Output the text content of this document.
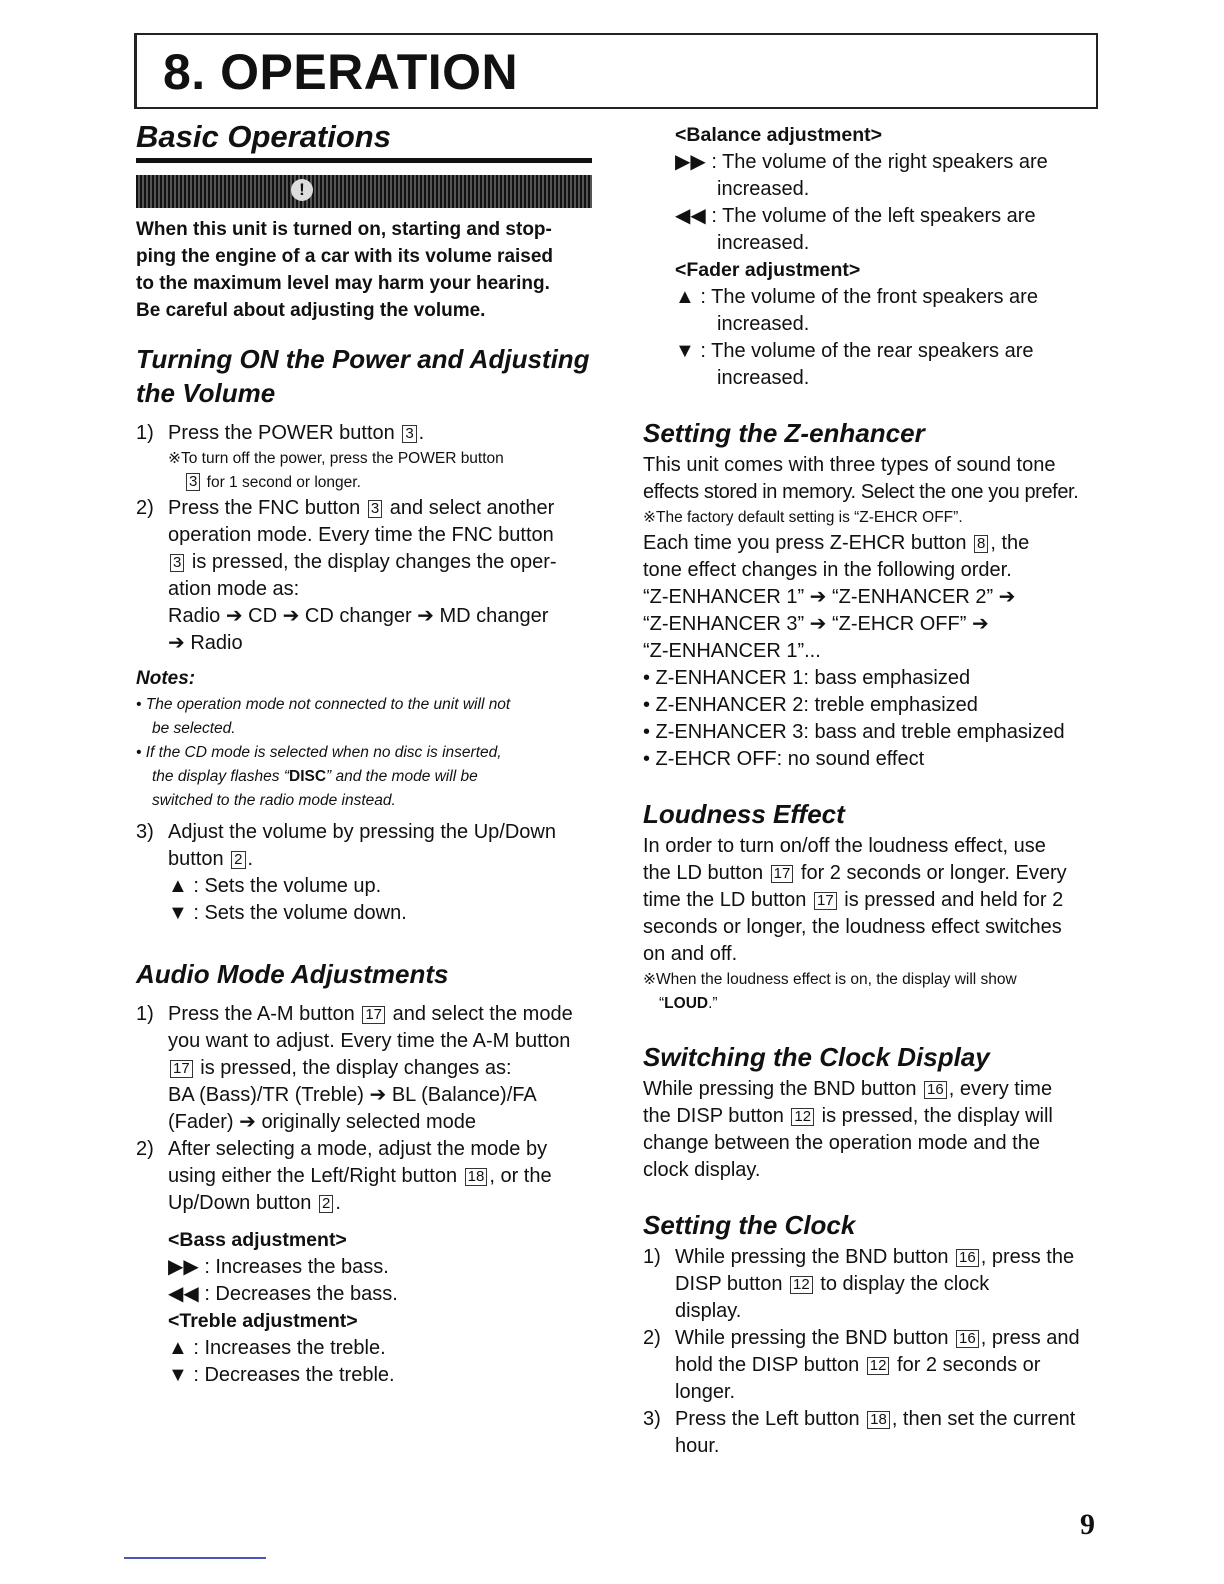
8. OPERATION
Basic Operations
!
When this unit is turned on, starting and stop-
ping the engine of a car with its volume raised
to the maximum level may harm your hearing.
Be careful about adjusting the volume.
Turning ON the Power and Adjusting
the Volume
1) Press the POWER button 3 .
※To turn off the power, press the POWER button
3 for 1 second or longer.
2) Press the FNC button 3 and select another
operation mode. Every time the FNC button
3 is pressed, the display changes the oper-
ation mode as:
Radio ➔ CD ➔ CD changer ➔ MD changer
➔ Radio
Notes:
• The operation mode not connected to the unit will not
be selected.
• If the CD mode is selected when no disc is inserted,
the display flashes “DISC” and the mode will be
switched to the radio mode instead.
3) Adjust the volume by pressing the Up/Down
button 2 .
▲ : Sets the volume up.
▼ : Sets the volume down.
Audio Mode Adjustments
1) Press the A-M button 17 and select the mode
you want to adjust. Every time the A-M button
17 is pressed, the display changes as:
BA (Bass)/TR (Treble) ➔ BL (Balance)/FA
(Fader) ➔ originally selected mode
2) After selecting a mode, adjust the mode by
using either the Left/Right button 18 , or the
Up/Down button 2 .
<Bass adjustment>
▶▶ : Increases the bass.
◀◀ : Decreases the bass.
<Treble adjustment>
▲ : Increases the treble.
▼ : Decreases the treble.
<Balance adjustment>
▶▶ : The volume of the right speakers are
increased.
◀◀ : The volume of the left speakers are
increased.
<Fader adjustment>
▲ : The volume of the front speakers are
increased.
▼ : The volume of the rear speakers are
increased.
Setting the Z-enhancer
This unit comes with three types of sound tone
effects stored in memory. Select the one you prefer.
※The factory default setting is “Z-EHCR OFF”.
Each time you press Z-EHCR button 8 , the
tone effect changes in the following order.
“Z-ENHANCER 1” ➔ “Z-ENHANCER 2” ➔
“Z-ENHANCER 3” ➔ “Z-EHCR OFF” ➔
“Z-ENHANCER 1”...
• Z-ENHANCER 1: bass emphasized
• Z-ENHANCER 2: treble emphasized
• Z-ENHANCER 3: bass and treble emphasized
• Z-EHCR OFF: no sound effect
Loudness Effect
In order to turn on/off the loudness effect, use
the LD button 17 for 2 seconds or longer. Every
time the LD button 17 is pressed and held for 2
seconds or longer, the loudness effect switches
on and off.
※When the loudness effect is on, the display will show
“LOUD.”
Switching the Clock Display
While pressing the BND button 16 , every time
the DISP button 12 is pressed, the display will
change between the operation mode and the
clock display.
Setting the Clock
1) While pressing the BND button 16 , press the
DISP button 12 to display the clock
display.
2) While pressing the BND button 16 , press and
hold the DISP button 12 for 2 seconds or
longer.
3) Press the Left button 18 , then set the current
hour.
9
